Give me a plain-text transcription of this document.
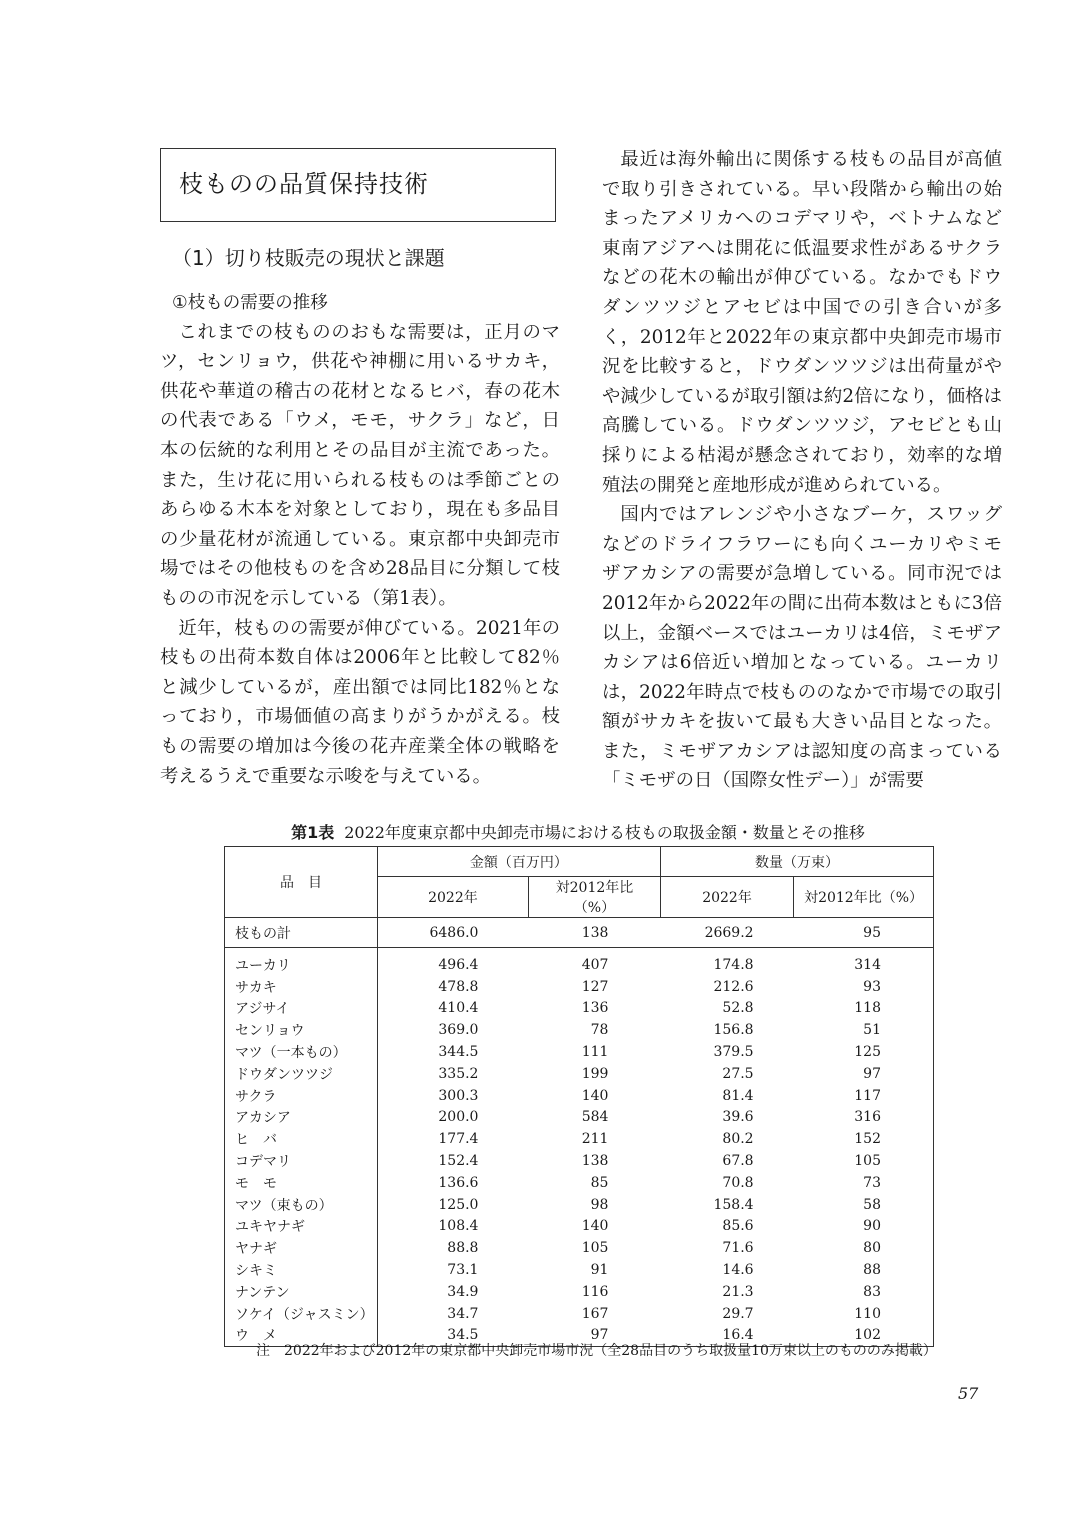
枝ものの品質保持技術
（1）切り枝販売の現状と課題
①枝もの需要の推移

これまでの枝もののおもな需要は，正月のマツ，センリョウ，供花や神棚に用いるサカキ，供花や華道の稽古の花材となるヒバ，春の花木の代表である「ウメ，モモ，サクラ」など，日本の伝統的な利用とその品目が主流であった。また，生け花に用いられる枝ものは季節ごとのあらゆる木本を対象としており，現在も多品目の少量花材が流通している。東京都中央卸売市場ではその他枝ものを含め28品目に分類して枝ものの市況を示している（第1表）。

近年，枝ものの需要が伸びている。2021年の枝もの出荷本数自体は2006年と比較して82％と減少しているが，産出額では同比182％となっており，市場価値の高まりがうかがえる。枝もの需要の増加は今後の花卉産業全体の戦略を考えるうえで重要な示唆を与えている。

最近は海外輸出に関係する枝もの品目が高値で取り引きされている。早い段階から輸出の始まったアメリカへのコデマリや，ベトナムなど東南アジアへは開花に低温要求性があるサクラなどの花木の輸出が伸びている。なかでもドウダンツツジとアセビは中国での引き合いが多く，2012年と2022年の東京都中央卸売市場市況を比較すると，ドウダンツツジは出荷量がやや減少しているが取引額は約2倍になり，価格は高騰している。ドウダンツツジ，アセビとも山採りによる枯渇が懸念されており，効率的な増殖法の開発と産地形成が進められている。

国内ではアレンジや小さなブーケ，スワッグなどのドライフラワーにも向くユーカリやミモザアカシアの需要が急増している。同市況では2012年から2022年の間に出荷本数はともに3倍以上，金額ベースではユーカリは4倍，ミモザアカシアは6倍近い増加となっている。ユーカリは，2022年時点で枝もののなかで市場での取引額がサカキを抜いて最も大きい品目となった。また，ミモザアカシアは認知度の高まっている「ミモザの日（国際女性デー）」が需要

第1表 2022年度東京都中央卸売市場における枝もの取扱金額・数量とその推移
品　目	金額（百万円）		数量（万束）	
	2022年	対2012年比（%）	2022年	対2012年比（%）
枝もの計	6486.0	138	2669.2	95

ユーカリ	496.4	407	174.8	314
サカキ	478.8	127	212.6	93
アジサイ	410.4	136	52.8	118
センリョウ	369.0	78	156.8	51
マツ（一本もの）	344.5	111	379.5	125
ドウダンツツジ	335.2	199	27.5	97
サクラ	300.3	140	81.4	117
アカシア	200.0	584	39.6	316
ヒ　バ	177.4	211	80.2	152
コデマリ	152.4	138	67.8	105
モ　モ	136.6	85	70.8	73
マツ（束もの）	125.0	98	158.4	58
ユキヤナギ	108.4	140	85.6	90
ヤナギ	88.8	105	71.6	80
シキミ	73.1	91	14.6	88
ナンテン	34.9	116	21.3	83
ソケイ（ジャスミン）	34.7	167	29.7	110
ウ　メ	34.5	97	16.4	102
注　2022年および2012年の東京都中央卸売市場市況（全28品目のうち取扱量10万束以上のもののみ掲載）
57
